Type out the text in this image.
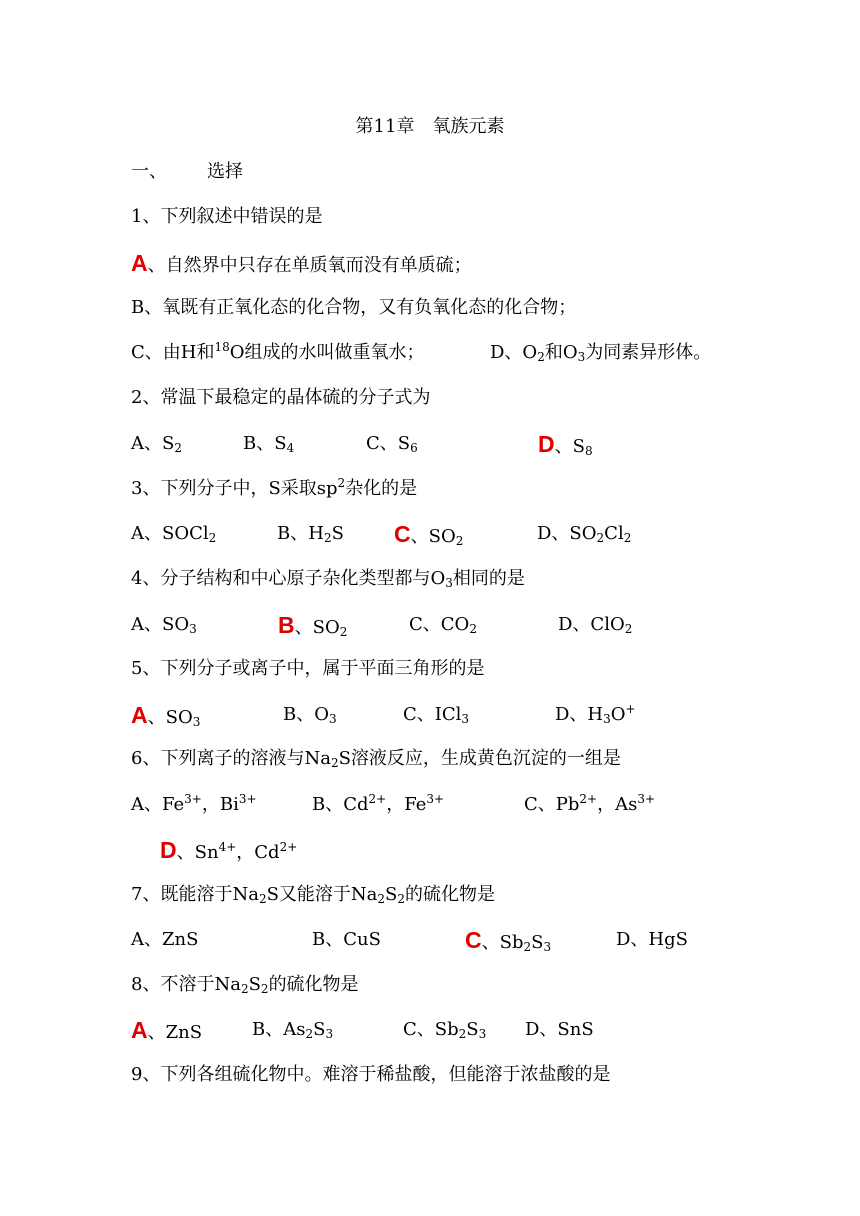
第11章　氧族元素
一、 选择
1、下列叙述中错误的是
A、自然界中只存在单质氧而没有单质硫；
B、氧既有正氧化态的化合物，又有负氧化态的化合物；
C、由H和$^{18}$O组成的水叫做重氧水；	D、$O_2$和$O_3$为同素异形体。
2、常温下最稳定的晶体硫的分子式为
A、$S_2$	B、$S_4$	C、$S_6$	D、$S_8$
3、下列分子中，S采取$sp^2$杂化的是
A、SOCl$_2$	B、$H_2S$ C、$SO_2$	D、$SO_2Cl_2$
4、分子结构和中心原子杂化类型都与$O_3$相同的是
A、$SO_3$	B、$SO_2$	C、$CO_2$	D、ClO$_2$
5、下列分子或离子中，属于平面三角形的是
A、$SO_3$	B、$O_3$	C、ICl$_3$	D、$H_3O^+$
6、下列离子的溶液与$Na_2S$溶液反应，生成黄色沉淀的一组是
A、$Fe^{3+}$，$Bi^{3+}$	B、$Cd^{2+}$，$Fe^{3+}$	C、$Pb^{2+}$，$As^{3+}$
D、$Sn^{4+}$，$Cd^{2+}$
7、既能溶于$Na_2S$又能溶于$Na_2S_2$的硫化物是
A、ZnS	B、CuS	C、$Sb_2S_3$	D、HgS
8、不溶于$Na_2S_2$的硫化物是
A、ZnS	B、$As_2S_3$	C、$Sb_2S_3$ D、SnS
9、下列各组硫化物中。难溶于稀盐酸，但能溶于浓盐酸的是
